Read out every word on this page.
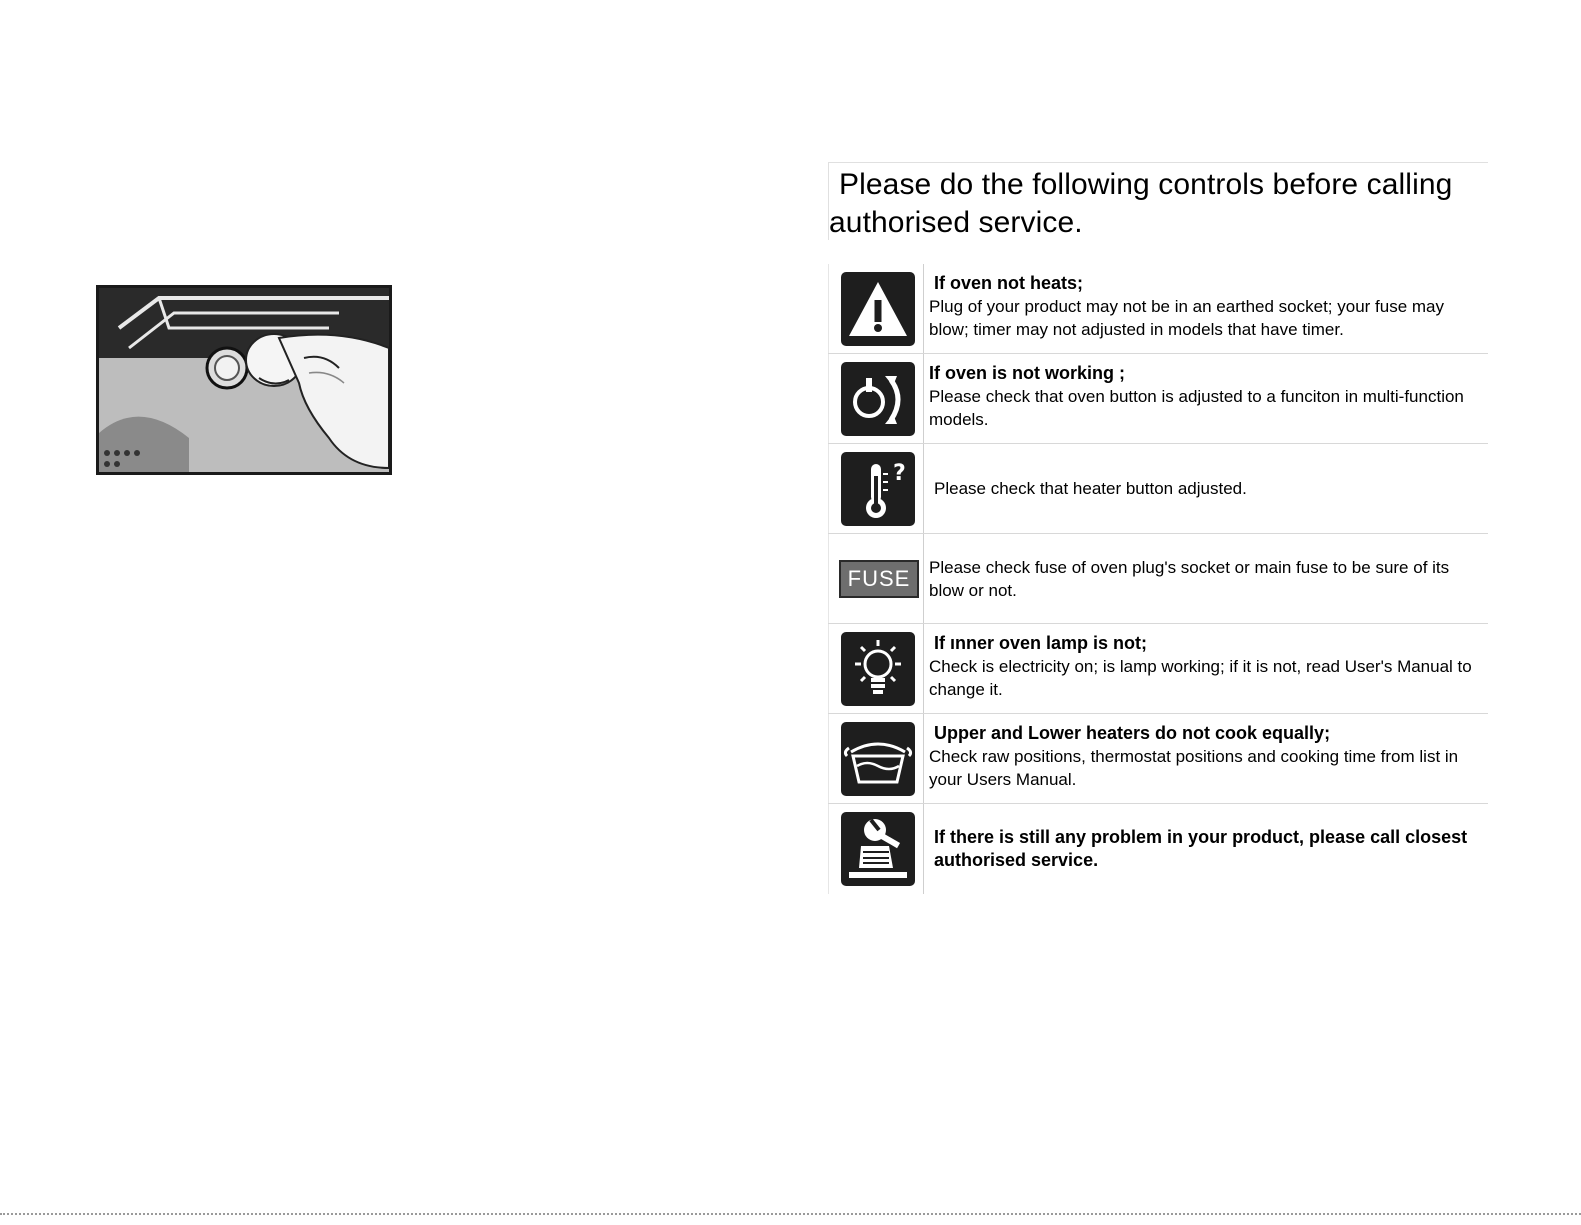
Please do the following controls before calling
authorised service.
If oven not heats;
Plug of your product may not be in an earthed socket; your fuse may blow; timer may not adjusted in models that have timer.
If oven is not working ;
Please check that oven button is adjusted to a funciton in multi-function models.
?
Please check that heater button adjusted.
FUSE	Please check fuse of oven plug's socket or main fuse to be sure of its blow or not.
If ınner oven lamp is not;
Check is electricity on; is lamp working; if it is not, read User's Manual to change it.
Upper and Lower heaters do not cook equally;
Check raw positions, thermostat positions and cooking time from list in your Users Manual.
If there is still any problem in your product, please call closest authorised service.
